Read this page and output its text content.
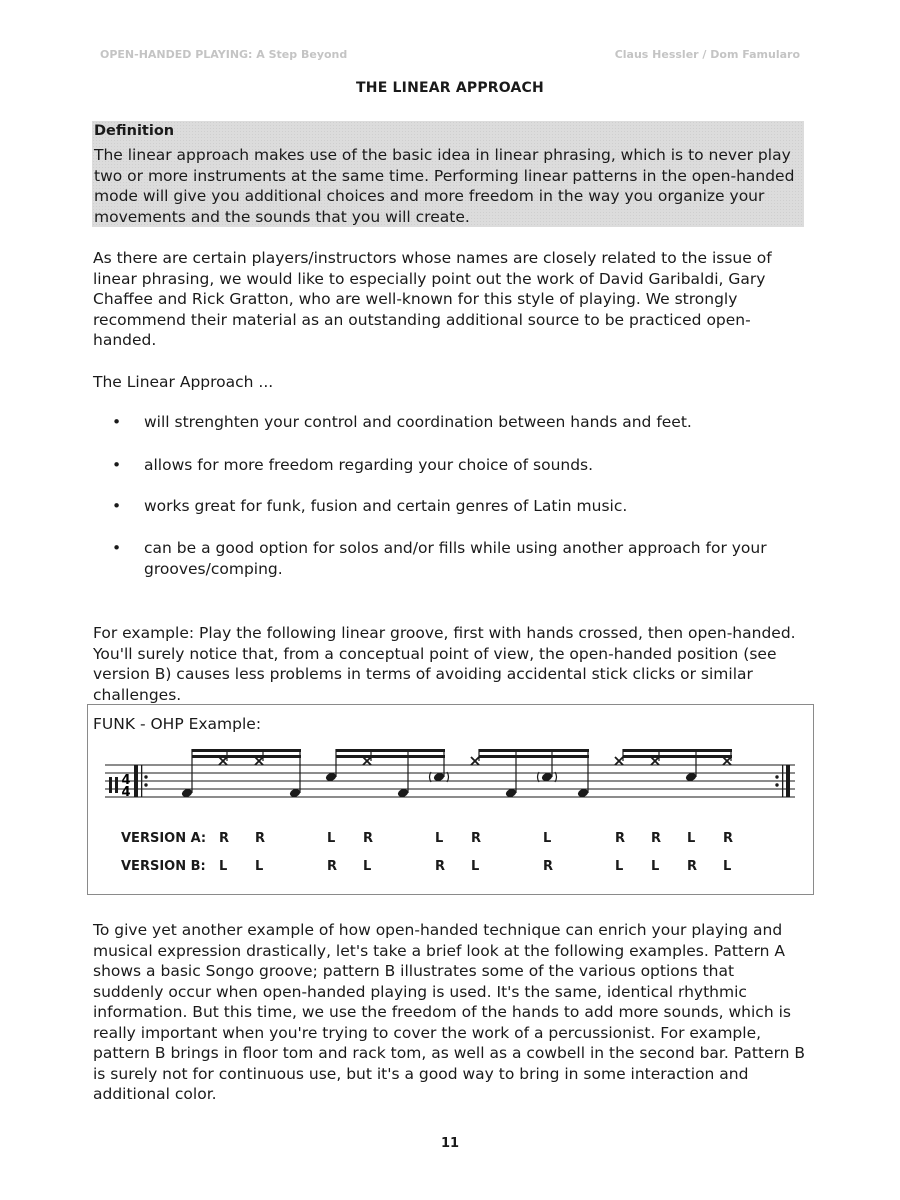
OPEN-HANDED PLAYING: A Step Beyond	Claus Hessler / Dom Famularo
THE LINEAR APPROACH
Definition
The linear approach makes use of the basic idea in linear phrasing, which is to never play two or more instruments at the same time. Performing linear patterns in the open-handed mode will give you additional choices and more freedom in the way you organize your movements and the sounds that you will create.
As there are certain players/instructors whose names are closely related to the issue of linear phrasing, we would like to especially point out the work of David Garibaldi, Gary Chaffee and Rick Gratton, who are well-known for this style of playing. We strongly recommend their material as an outstanding additional source to be practiced open-handed.
The Linear Approach ...
• will strenghten your control and coordination between hands and feet.
• allows for more freedom regarding your choice of sounds.
• works great for funk, fusion and certain genres of Latin music.
• can be a good option for solos and/or fills while using another approach for your grooves/comping.
For example: Play the following linear groove, first with hands crossed, then open-handed. You'll surely notice that, from a conceptual point of view, the open-handed position (see version B) causes less problems in terms of avoiding accidental stick clicks or similar challenges.
FUNK - OHP Example:
4
4
VERSION A:
VERSION B:
R R	L R	L R	L	R R L R
L L	R L	R L	R	L L R L
To give yet another example of how open-handed technique can enrich your playing and musical expression drastically, let's take a brief look at the following examples. Pattern A shows a basic Songo groove; pattern B illustrates some of the various options that suddenly occur when open-handed playing is used. It's the same, identical rhythmic information. But this time, we use the freedom of the hands to add more sounds, which is really important when you're trying to cover the work of a percussionist. For example, pattern B brings in floor tom and rack tom, as well as a cowbell in the second bar. Pattern B is surely not for continuous use, but it's a good way to bring in some interaction and additional color.
11
